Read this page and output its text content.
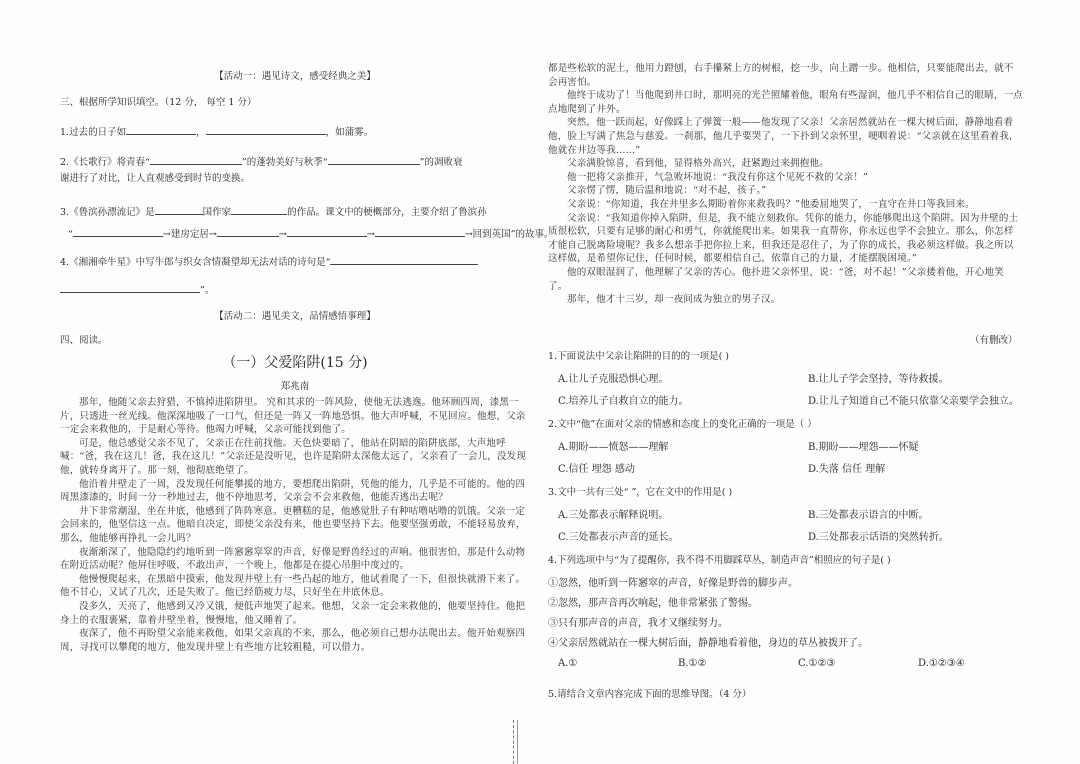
【活动一：遇见诗文，感受经典之美】
三、根据所学知识填空。（12 分， 每空 1 分）
1.过去的日子如	，	，如蒲雾。
2.《长歌行》将青春“	”的蓬勃美好与秋季“	”的凋败衰
谢进行了对比，让人直观感受到时节的变换。
3.《鲁滨孙漂流记》是	国作家	的作品。课文中的梗概部分，主要介绍了鲁滨孙
“	→建房定居→	→	→	→回到英国”的故事。
4.《湘湘牵牛星》中写牛郎与织女含情凝望却无法对话的诗句是“
”。
【活动二：遇见美文，品情感悟事理】
四、阅读。
（一）父爱陷阱(15 分)
郑兆南
那年，他随父亲去狩猎，不慎掉进陷阱里。 究和其求的一阵风险，使他无法逃逸。他环顾四周，漆黑一片，只透进一丝光线。他深深地吸了一口气，但还是一阵又一阵地恐惧。他大声呼喊，不见回应。他想，父亲一定会来救他的，于是耐心等待。他竭力呼喊，父亲可能找到他了。
可是，他总感觉父亲不见了，父亲正在往前找他。天色快要暗了，他站在阴暗的陷阱底部，大声地呼喊：“爸，我在这儿！爸，我在这儿！”父亲还是没听见，也许是陷阱太深他太远了，父亲看了一会儿，没发现他，就转身离开了。那一刻，他彻底绝望了。
他沿着井壁走了一周，没发现任何能攀援的地方，要想爬出陷阱，凭他的能力，几乎是不可能的。他的四周黑漆漆的，时间一分一秒地过去，他不停地思考，父亲会不会来救他，他能否逃出去呢？
井下非常潮湿，坐在井底，他感到了阵阵寒意。更糟糕的是，他感觉肚子有种咕噜咕噜的饥饿。父亲一定会回来的，他坚信这一点。他暗自决定，即使父亲没有来，他也要坚持下去。他要坚强勇敢，不能轻易放弃，那么，他能够再挣扎一会儿吗？
夜渐渐深了，他隐隐约约地听到一阵窸窸窣窣的声音，好像是野兽经过的声响。他很害怕，那是什么动物在附近活动呢？他屏住呼吸，不敢出声，一个晚上，他都是在提心吊胆中度过的。
他慢慢爬起来，在黑暗中摸索，他发现井壁上有一些凸起的地方，他试着爬了一下，但很快就滑下来了。他不甘心，又试了几次，还是失败了。他已经筋疲力尽，只好坐在井底休息。
没多久，天亮了，他感到又冷又饿，便低声地哭了起来。他想，父亲一定会来救他的，他要坚持住。他把身上的衣服裹紧，靠着井壁坐着，慢慢地，他又睡着了。
夜深了，他不再盼望父亲能来救他，如果父亲真的不来，那么，他必须自己想办法爬出去。他开始观察四周，寻找可以攀爬的地方，他发现井壁上有些地方比较粗糙，可以借力。
都是些松软的泥土，他用力蹬刨，右手攥紧上方的树根，挖一步，向上蹭一步。他相信，只要能爬出去，就不会再害怕。
他终于成功了！当他爬到井口时，那明亮的光芒照耀着他，眼角有些湿润，他几乎不相信自己的眼睛，一点点地爬到了井外。
突然，他一跃而起，好像踩上了弹簧一般——他发现了父亲！父亲居然就站在一棵大树后面，静静地看着他，脸上写满了焦急与慈爱。一刹那，他几乎要哭了，一下扑到父亲怀里，哽咽着说：“父亲就在这里看着我，他就在井边等我……”
父亲满脸惊喜，看到他，显得格外高兴，赶紧跑过来拥抱他。
他一把将父亲推开，气急败坏地说：“我没有你这个见死不救的父亲！”
父亲愣了愣，随后温和地说：“对不起，孩子。”
父亲说：“你知道，我在井里多么期盼着你来救我吗？”他委屈地哭了，一直守在井口等我回来。
父亲说：“我知道你掉入陷阱，但是，我不能立刻救你。凭你的能力，你能够爬出这个陷阱。因为井壁的土质很松软，只要有足够的耐心和勇气，你就能爬出来。如果我一直帮你，你永远也学不会独立。那么，你怎样才能自己脱离险境呢？我多么想亲手把你拉上来，但我还是忍住了，为了你的成长，我必须这样做。我之所以这样做，是希望你记住，任何时候，都要相信自己，依靠自己的力量，才能摆脱困境。”
他的双眼湿润了，他理解了父亲的苦心。他扑进父亲怀里，说：“爸，对不起！”父亲搂着他，开心地笑了。
那年，他才十三岁，却一夜间成为独立的男子汉。
（有删改）
1.下面说法中父亲让陷阱的目的的一项是( )
A.让儿子克服恐惧心理。	B.让儿子学会坚持，等待救援。
C.培养儿子自救自立的能力。	D.让儿子知道自己不能只依靠父亲要学会独立。
2.文中“他”在面对父亲的情感和态度上的变化正确的一项是（ ）
A.期盼——愤怒——理解	B.期盼——埋怨——怀疑
C.信任 埋怨 感动	D.失落 信任 理解
3.文中一共有三处“ ”，它在文中的作用是( )
A.三处都表示解释说明。	B.三处都表示语言的中断。
C.三处都表示声音的延长。	D.三处都表示话语的突然转折。
4.下列选项中与“为了提醒你，我不得不用脚踩草丛，制造声音”相照应的句子是( )
①忽然，他听到一阵窸窣的声音，好像是野兽的脚步声。
②忽然，那声音再次响起，他非常紧张了警惕。
③只有那声音的声音，我才又继续努力。
④父亲居然就站在一棵大树后面，静静地看着他，身边的草丛被拨开了。
A.①	B.①②	C.①②③	D.①②③④
5.请结合文章内容完成下面的思维导图。（4 分）
